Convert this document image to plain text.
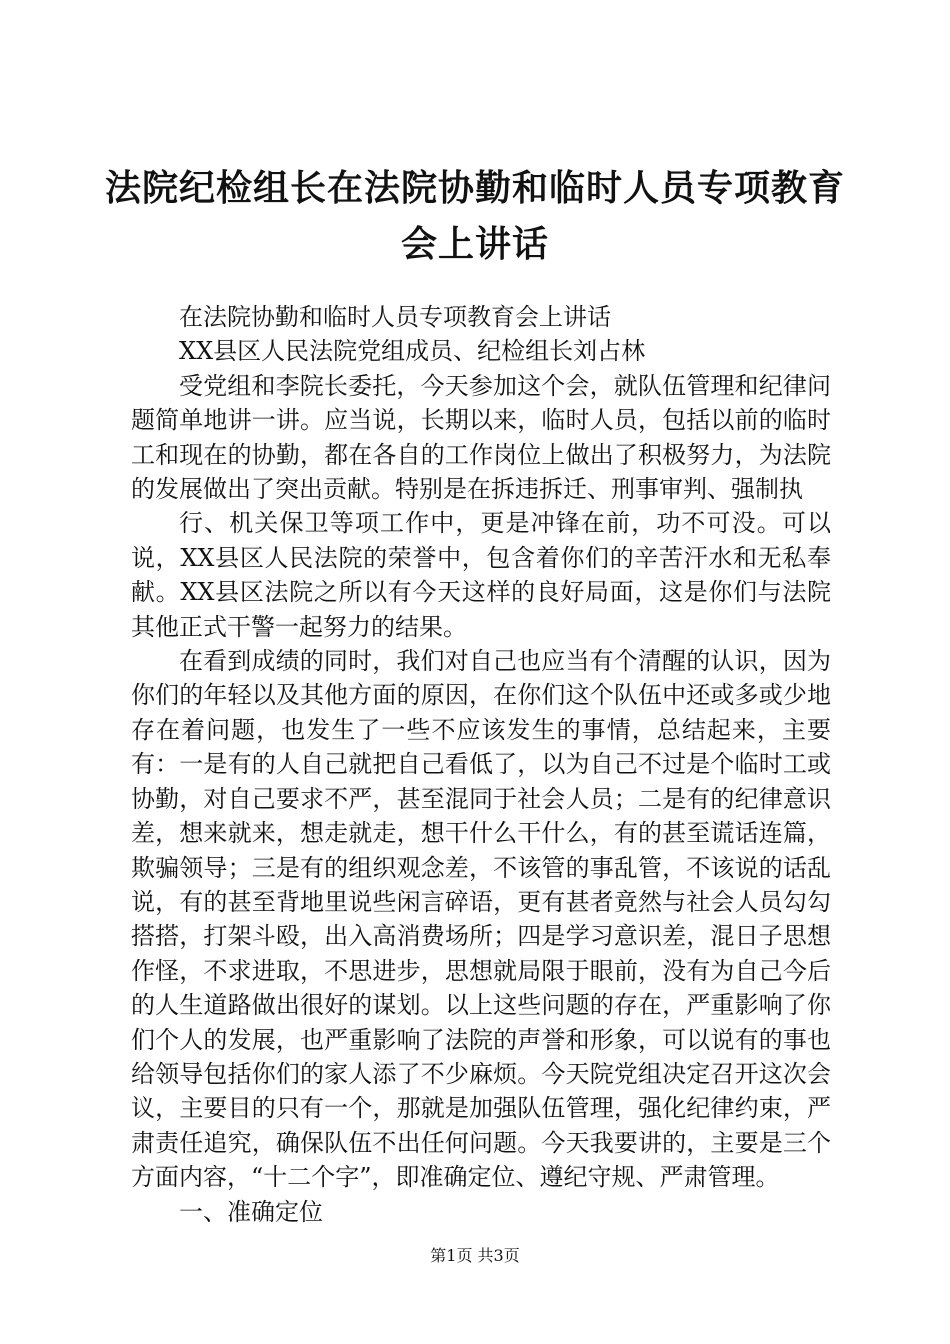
法院纪检组长在法院协勤和临时人员专项教育会上讲话

在法院协勤和临时人员专项教育会上讲话

XX县区人民法院党组成员、纪检组长刘占林

受党组和李院长委托，今天参加这个会，就队伍管理和纪律问题简单地讲一讲。应当说，长期以来，临时人员，包括以前的临时工和现在的协勤，都在各自的工作岗位上做出了积极努力，为法院的发展做出了突出贡献。特别是在拆违拆迁、刑事审判、强制执

行、机关保卫等项工作中，更是冲锋在前，功不可没。可以说，XX县区人民法院的荣誉中，包含着你们的辛苦汗水和无私奉献。XX县区法院之所以有今天这样的良好局面，这是你们与法院其他正式干警一起努力的结果。

在看到成绩的同时，我们对自己也应当有个清醒的认识，因为你们的年轻以及其他方面的原因，在你们这个队伍中还或多或少地存在着问题，也发生了一些不应该发生的事情，总结起来，主要有：一是有的人自己就把自己看低了，以为自己不过是个临时工或协勤，对自己要求不严，甚至混同于社会人员；二是有的纪律意识差，想来就来，想走就走，想干什么干什么，有的甚至谎话连篇，欺骗领导；三是有的组织观念差，不该管的事乱管，不该说的话乱说，有的甚至背地里说些闲言碎语，更有甚者竟然与社会人员勾勾搭搭，打架斗殴，出入高消费场所；四是学习意识差，混日子思想作怪，不求进取，不思进步，思想就局限于眼前，没有为自己今后的人生道路做出很好的谋划。以上这些问题的存在，严重影响了你们个人的发展，也严重影响了法院的声誉和形象，可以说有的事也给领导包括你们的家人添了不少麻烦。今天院党组决定召开这次会议，主要目的只有一个，那就是加强队伍管理，强化纪律约束，严肃责任追究，确保队伍不出任何问题。今天我要讲的，主要是三个方面内容，“十二个字”，即准确定位、遵纪守规、严肃管理。

一、准确定位

第1页 共3页
